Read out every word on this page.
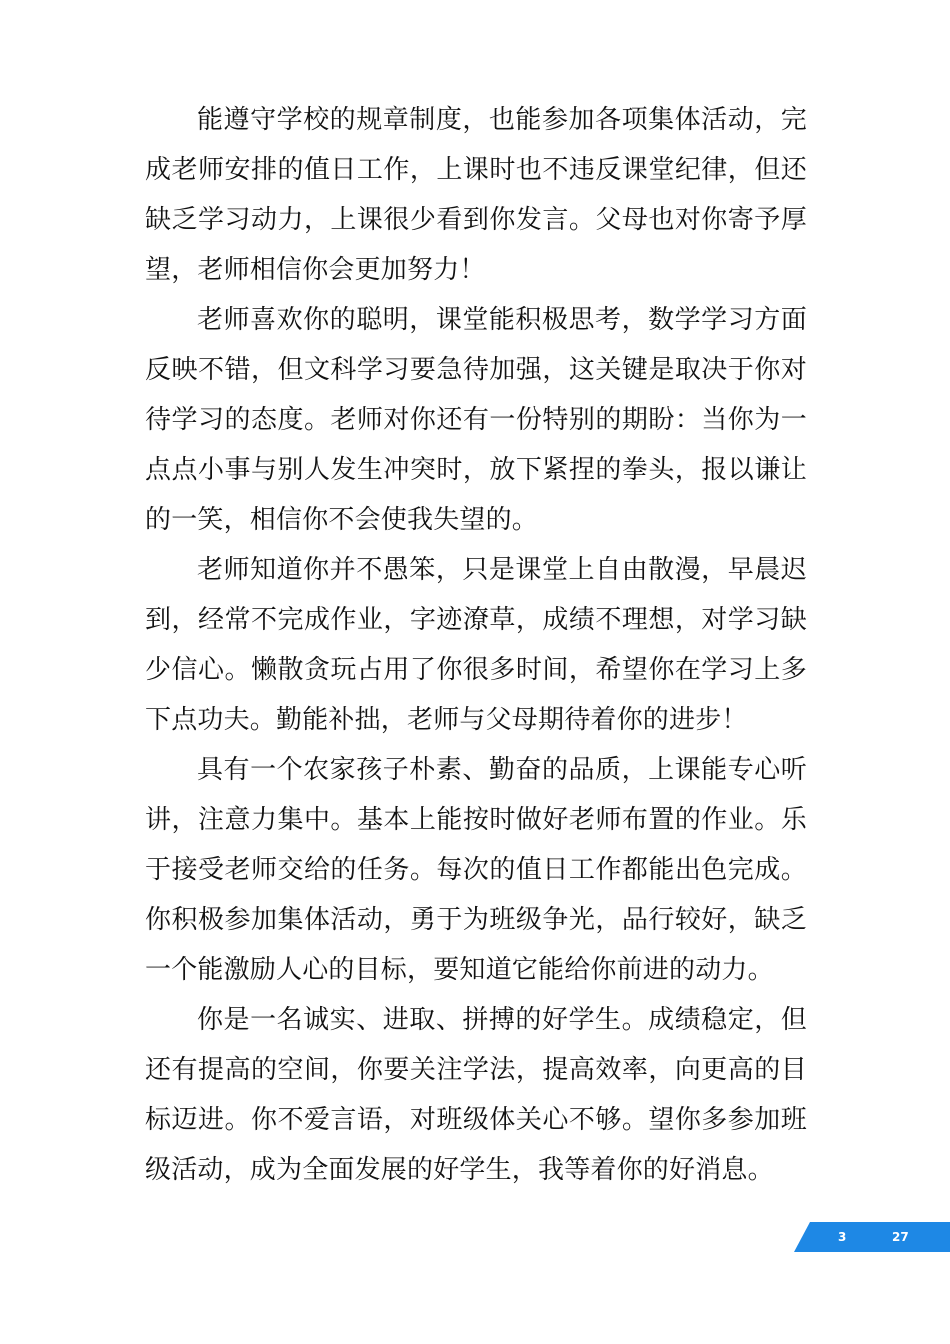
能遵守学校的规章制度，也能参加各项集体活动，完成老师安排的值日工作，上课时也不违反课堂纪律，但还缺乏学习动力，上课很少看到你发言。父母也对你寄予厚望，老师相信你会更加努力！

老师喜欢你的聪明，课堂能积极思考，数学学习方面反映不错，但文科学习要急待加强，这关键是取决于你对待学习的态度。老师对你还有一份特别的期盼：当你为一点点小事与别人发生冲突时，放下紧捏的拳头，报以谦让的一笑，相信你不会使我失望的。

老师知道你并不愚笨，只是课堂上自由散漫，早晨迟到，经常不完成作业，字迹潦草，成绩不理想，对学习缺少信心。懒散贪玩占用了你很多时间，希望你在学习上多下点功夫。勤能补拙，老师与父母期待着你的进步！

具有一个农家孩子朴素、勤奋的品质，上课能专心听讲，注意力集中。基本上能按时做好老师布置的作业。乐于接受老师交给的任务。每次的值日工作都能出色完成。你积极参加集体活动，勇于为班级争光，品行较好，缺乏一个能激励人心的目标，要知道它能给你前进的动力。

你是一名诚实、进取、拼搏的好学生。成绩稳定，但还有提高的空间，你要关注学法，提高效率，向更高的目标迈进。你不爱言语，对班级体关心不够。望你多参加班级活动，成为全面发展的好学生，我等着你的好消息。

3	27
